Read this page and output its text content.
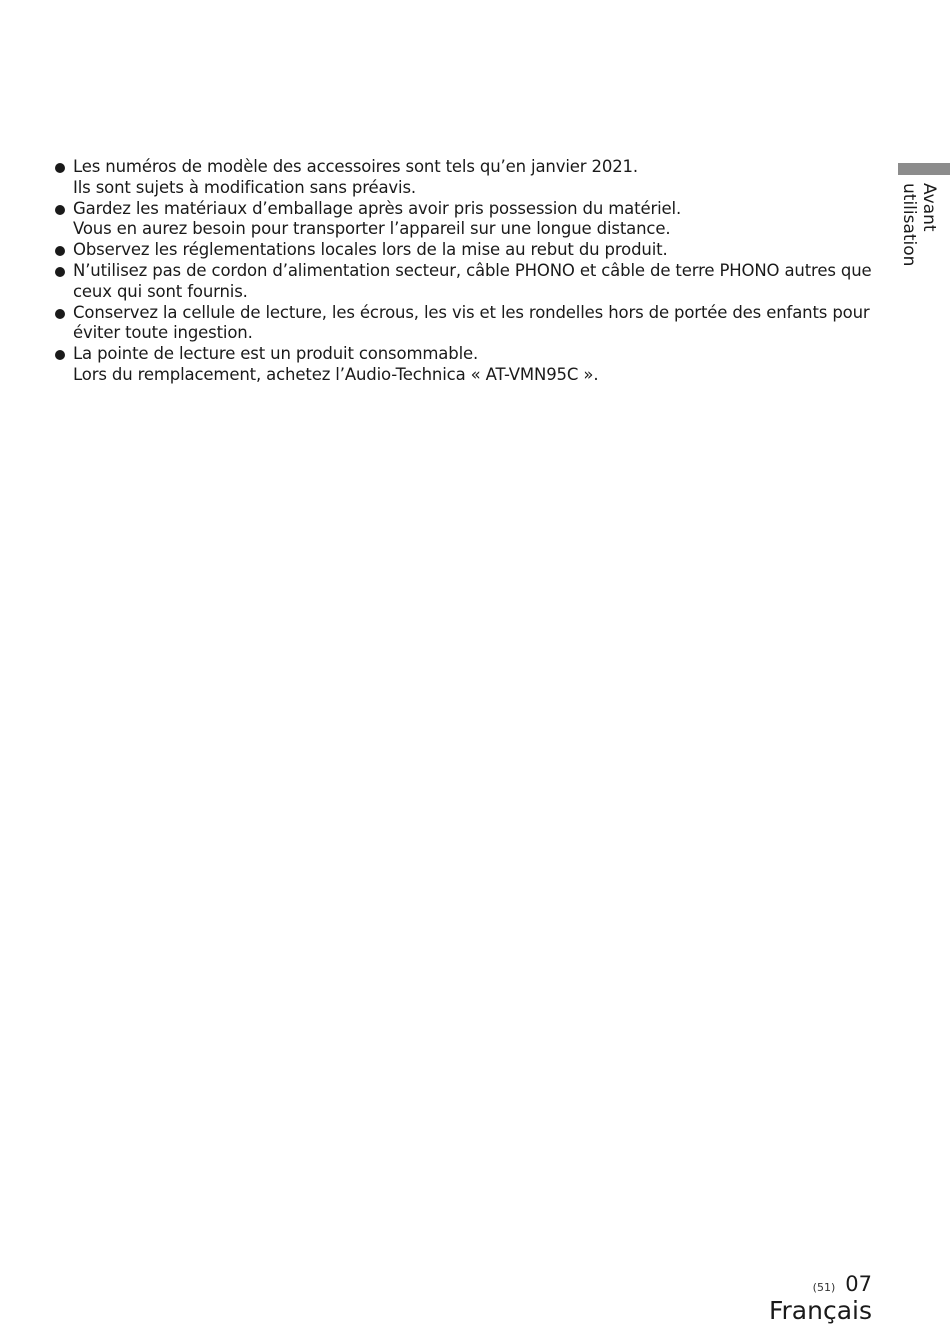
Avant
utilisation
Les numéros de modèle des accessoires sont tels qu’en janvier 2021.
Ils sont sujets à modification sans préavis.
Gardez les matériaux d’emballage après avoir pris possession du matériel.
Vous en aurez besoin pour transporter l’appareil sur une longue distance.
Observez les réglementations locales lors de la mise au rebut du produit.
N’utilisez pas de cordon d’alimentation secteur, câble PHONO et câble de terre PHONO autres que
ceux qui sont fournis.
Conservez la cellule de lecture, les écrous, les vis et les rondelles hors de portée des enfants pour
éviter toute ingestion.
La pointe de lecture est un produit consommable.
Lors du remplacement, achetez l’Audio-Technica « AT-VMN95C ».
(51) 07
Français
